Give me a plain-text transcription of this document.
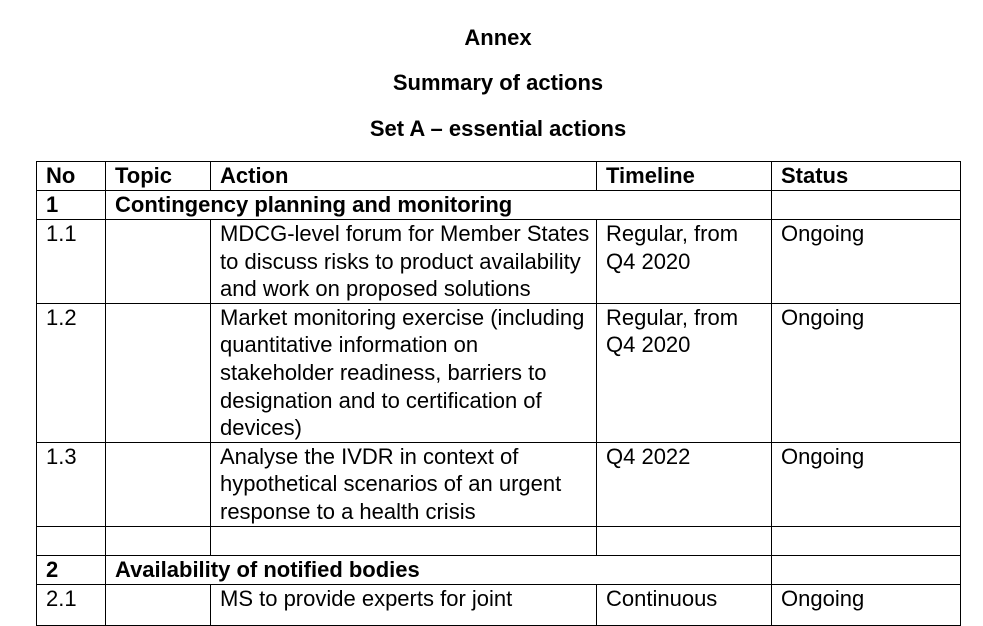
Annex
Summary of actions
Set A – essential actions
No	Topic	Action	Timeline	Status
1	Contingency planning and monitoring			
1.1		MDCG-level forum for Member States to discuss risks to product availability and work on proposed solutions	Regular, from Q4 2020	Ongoing
1.2		Market monitoring exercise (including quantitative information on stakeholder readiness, barriers to designation and to certification of devices)	Regular, from Q4 2020	Ongoing
1.3		Analyse the IVDR in context of hypothetical scenarios of an urgent response to a health crisis	Q4 2022	Ongoing

2	Availability of notified bodies			
2.1		MS to provide experts for joint	Continuous	Ongoing
